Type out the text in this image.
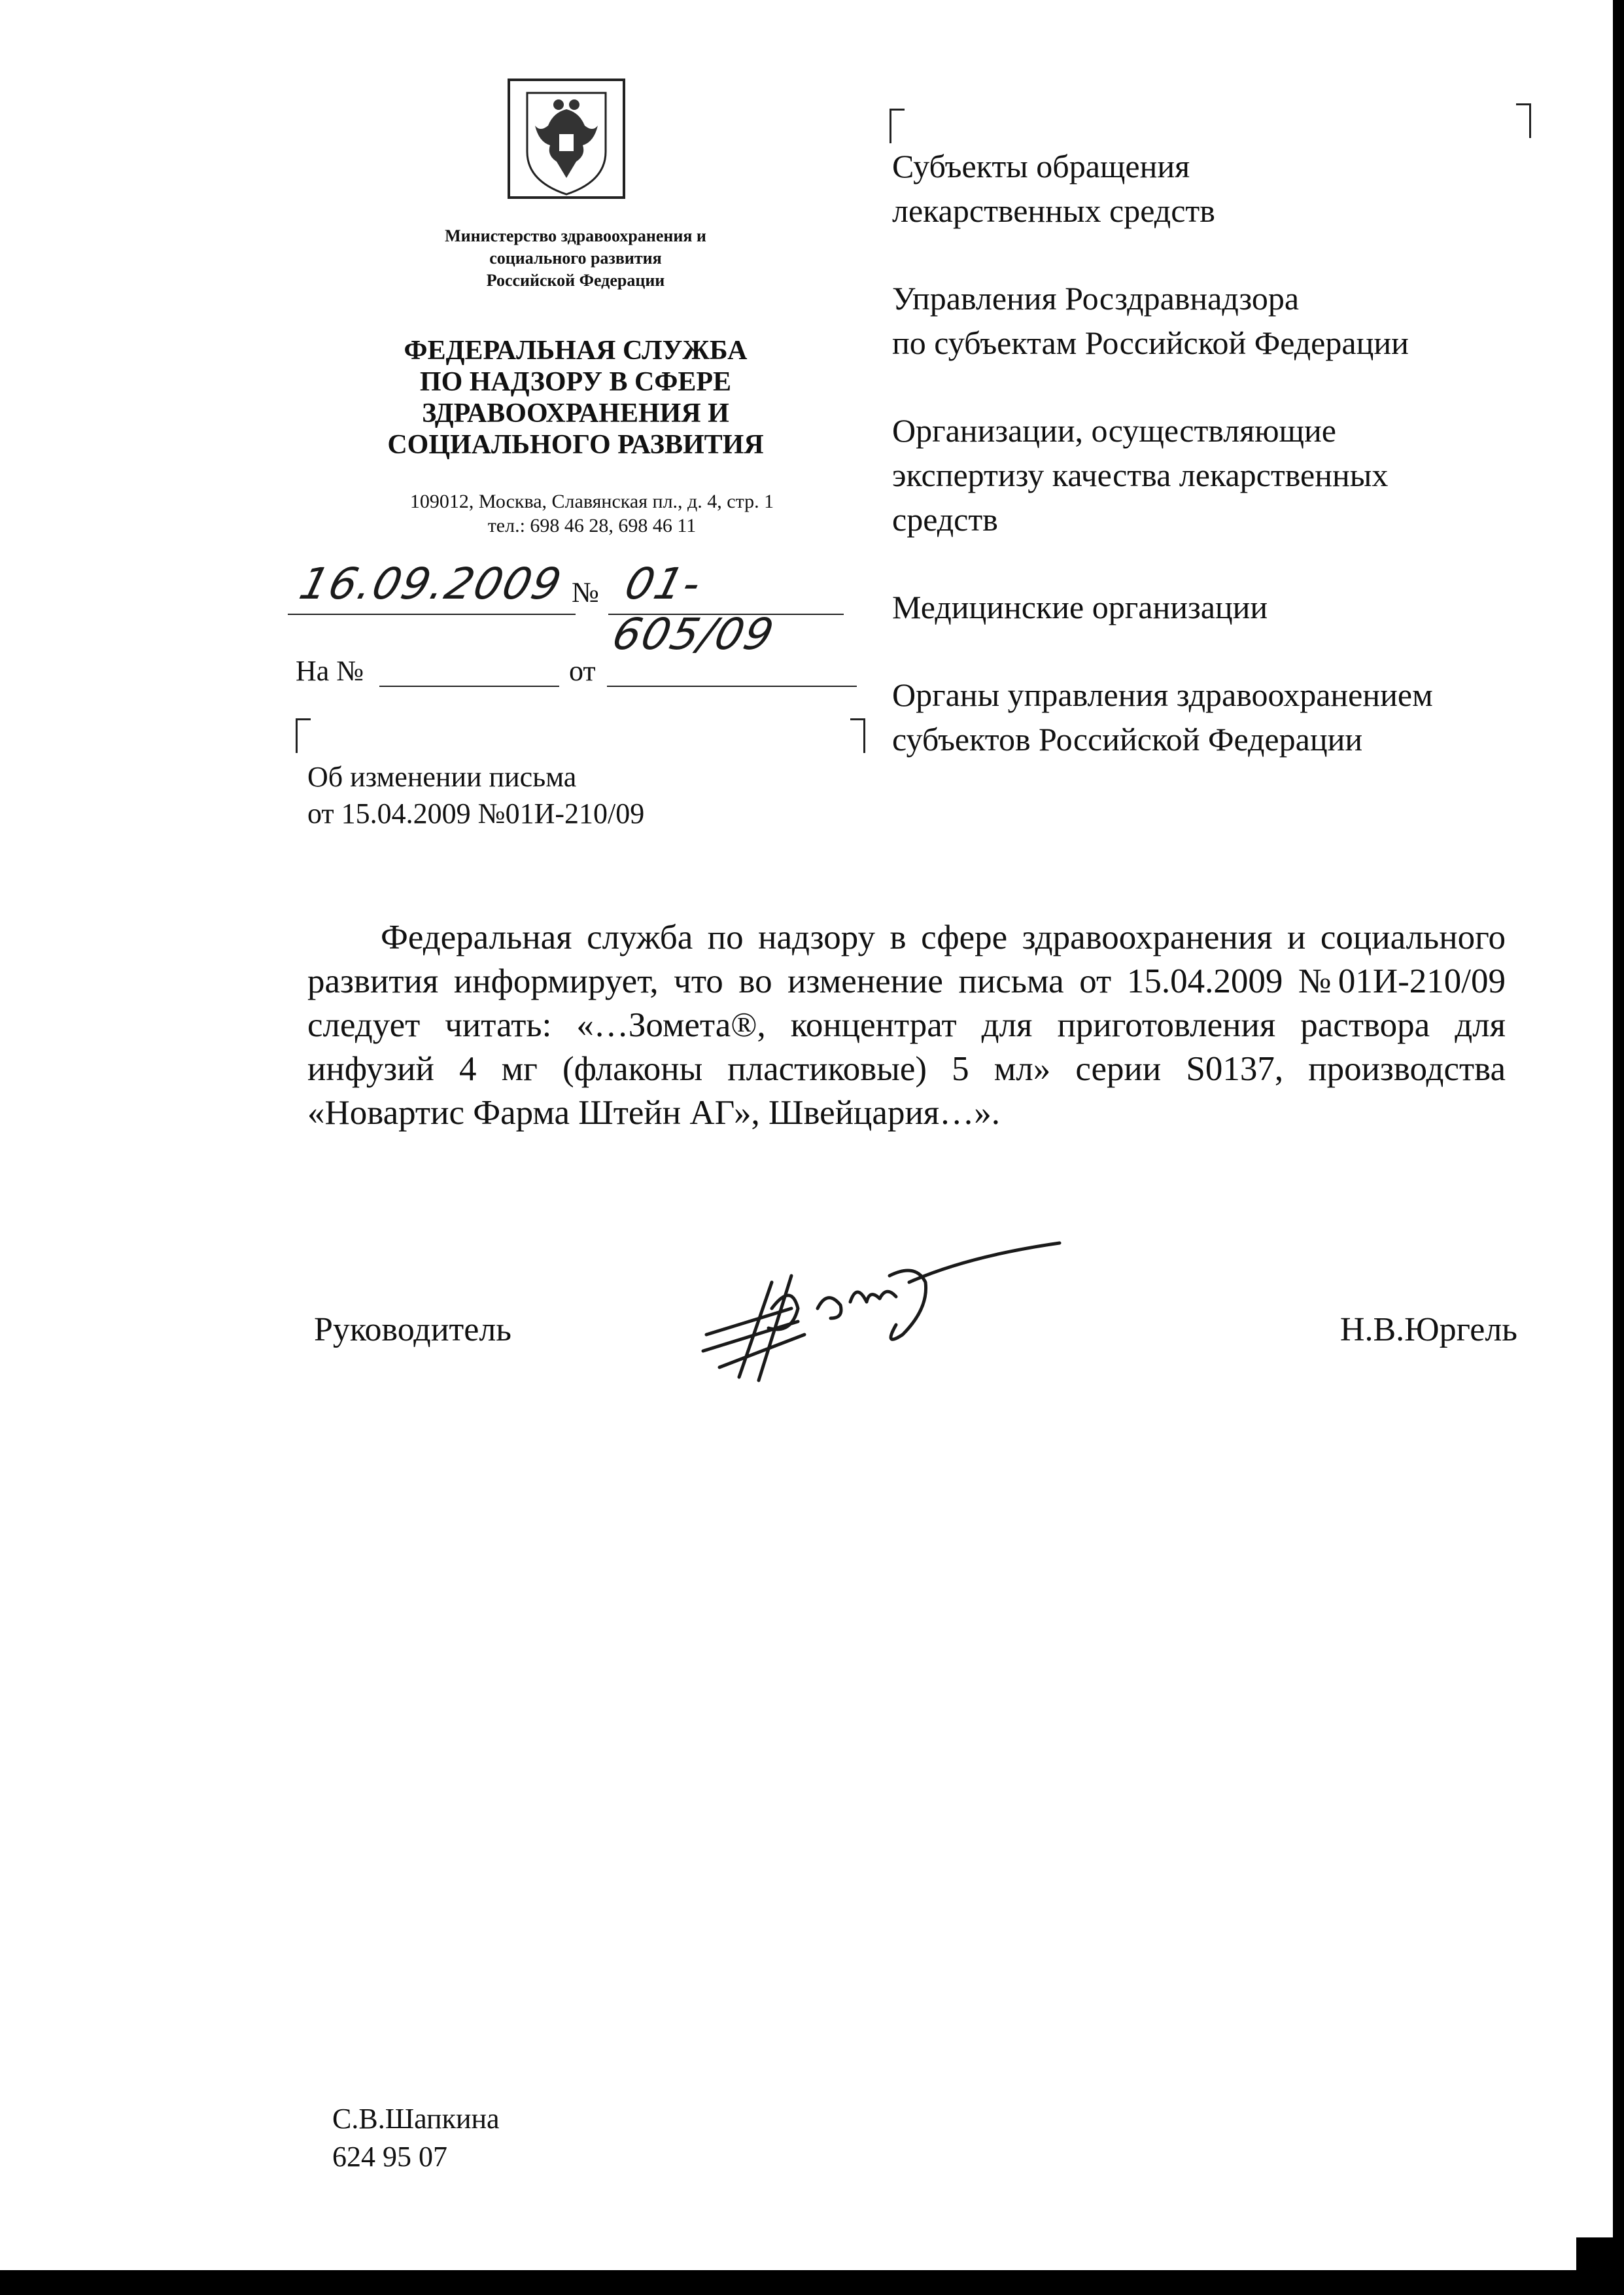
Министерство здравоохранения и
социального развития
Российской Федерации
ФЕДЕРАЛЬНАЯ СЛУЖБА
ПО НАДЗОРУ В СФЕРЕ
ЗДРАВООХРАНЕНИЯ И
СОЦИАЛЬНОГО РАЗВИТИЯ
109012, Москва, Славянская пл., д. 4, стр. 1
тел.: 698 46 28, 698 46 11
16.09.2009 № 01-605/09
На №	от
Об изменении письма
от 15.04.2009 №01И-210/09

Субъекты обращения
лекарственных средств

Управления Росздравнадзора
по субъектам Российской Федерации

Организации, осуществляющие
экспертизу качества лекарственных
средств

Медицинские организации

Органы управления здравоохранением
субъектов Российской Федерации

Федеральная служба по надзору в сфере здравоохранения и социального развития информирует, что во изменение письма от 15.04.2009 №01И-210/09 следует читать: «…Зомета®, концентрат для приготовления раствора для инфузий 4 мг (флаконы пластиковые) 5 мл» серии S0137, производства «Новартис Фарма Штейн АГ», Швейцария…».

Руководитель	Н.В.Юргель
С.В.Шапкина
624 95 07
